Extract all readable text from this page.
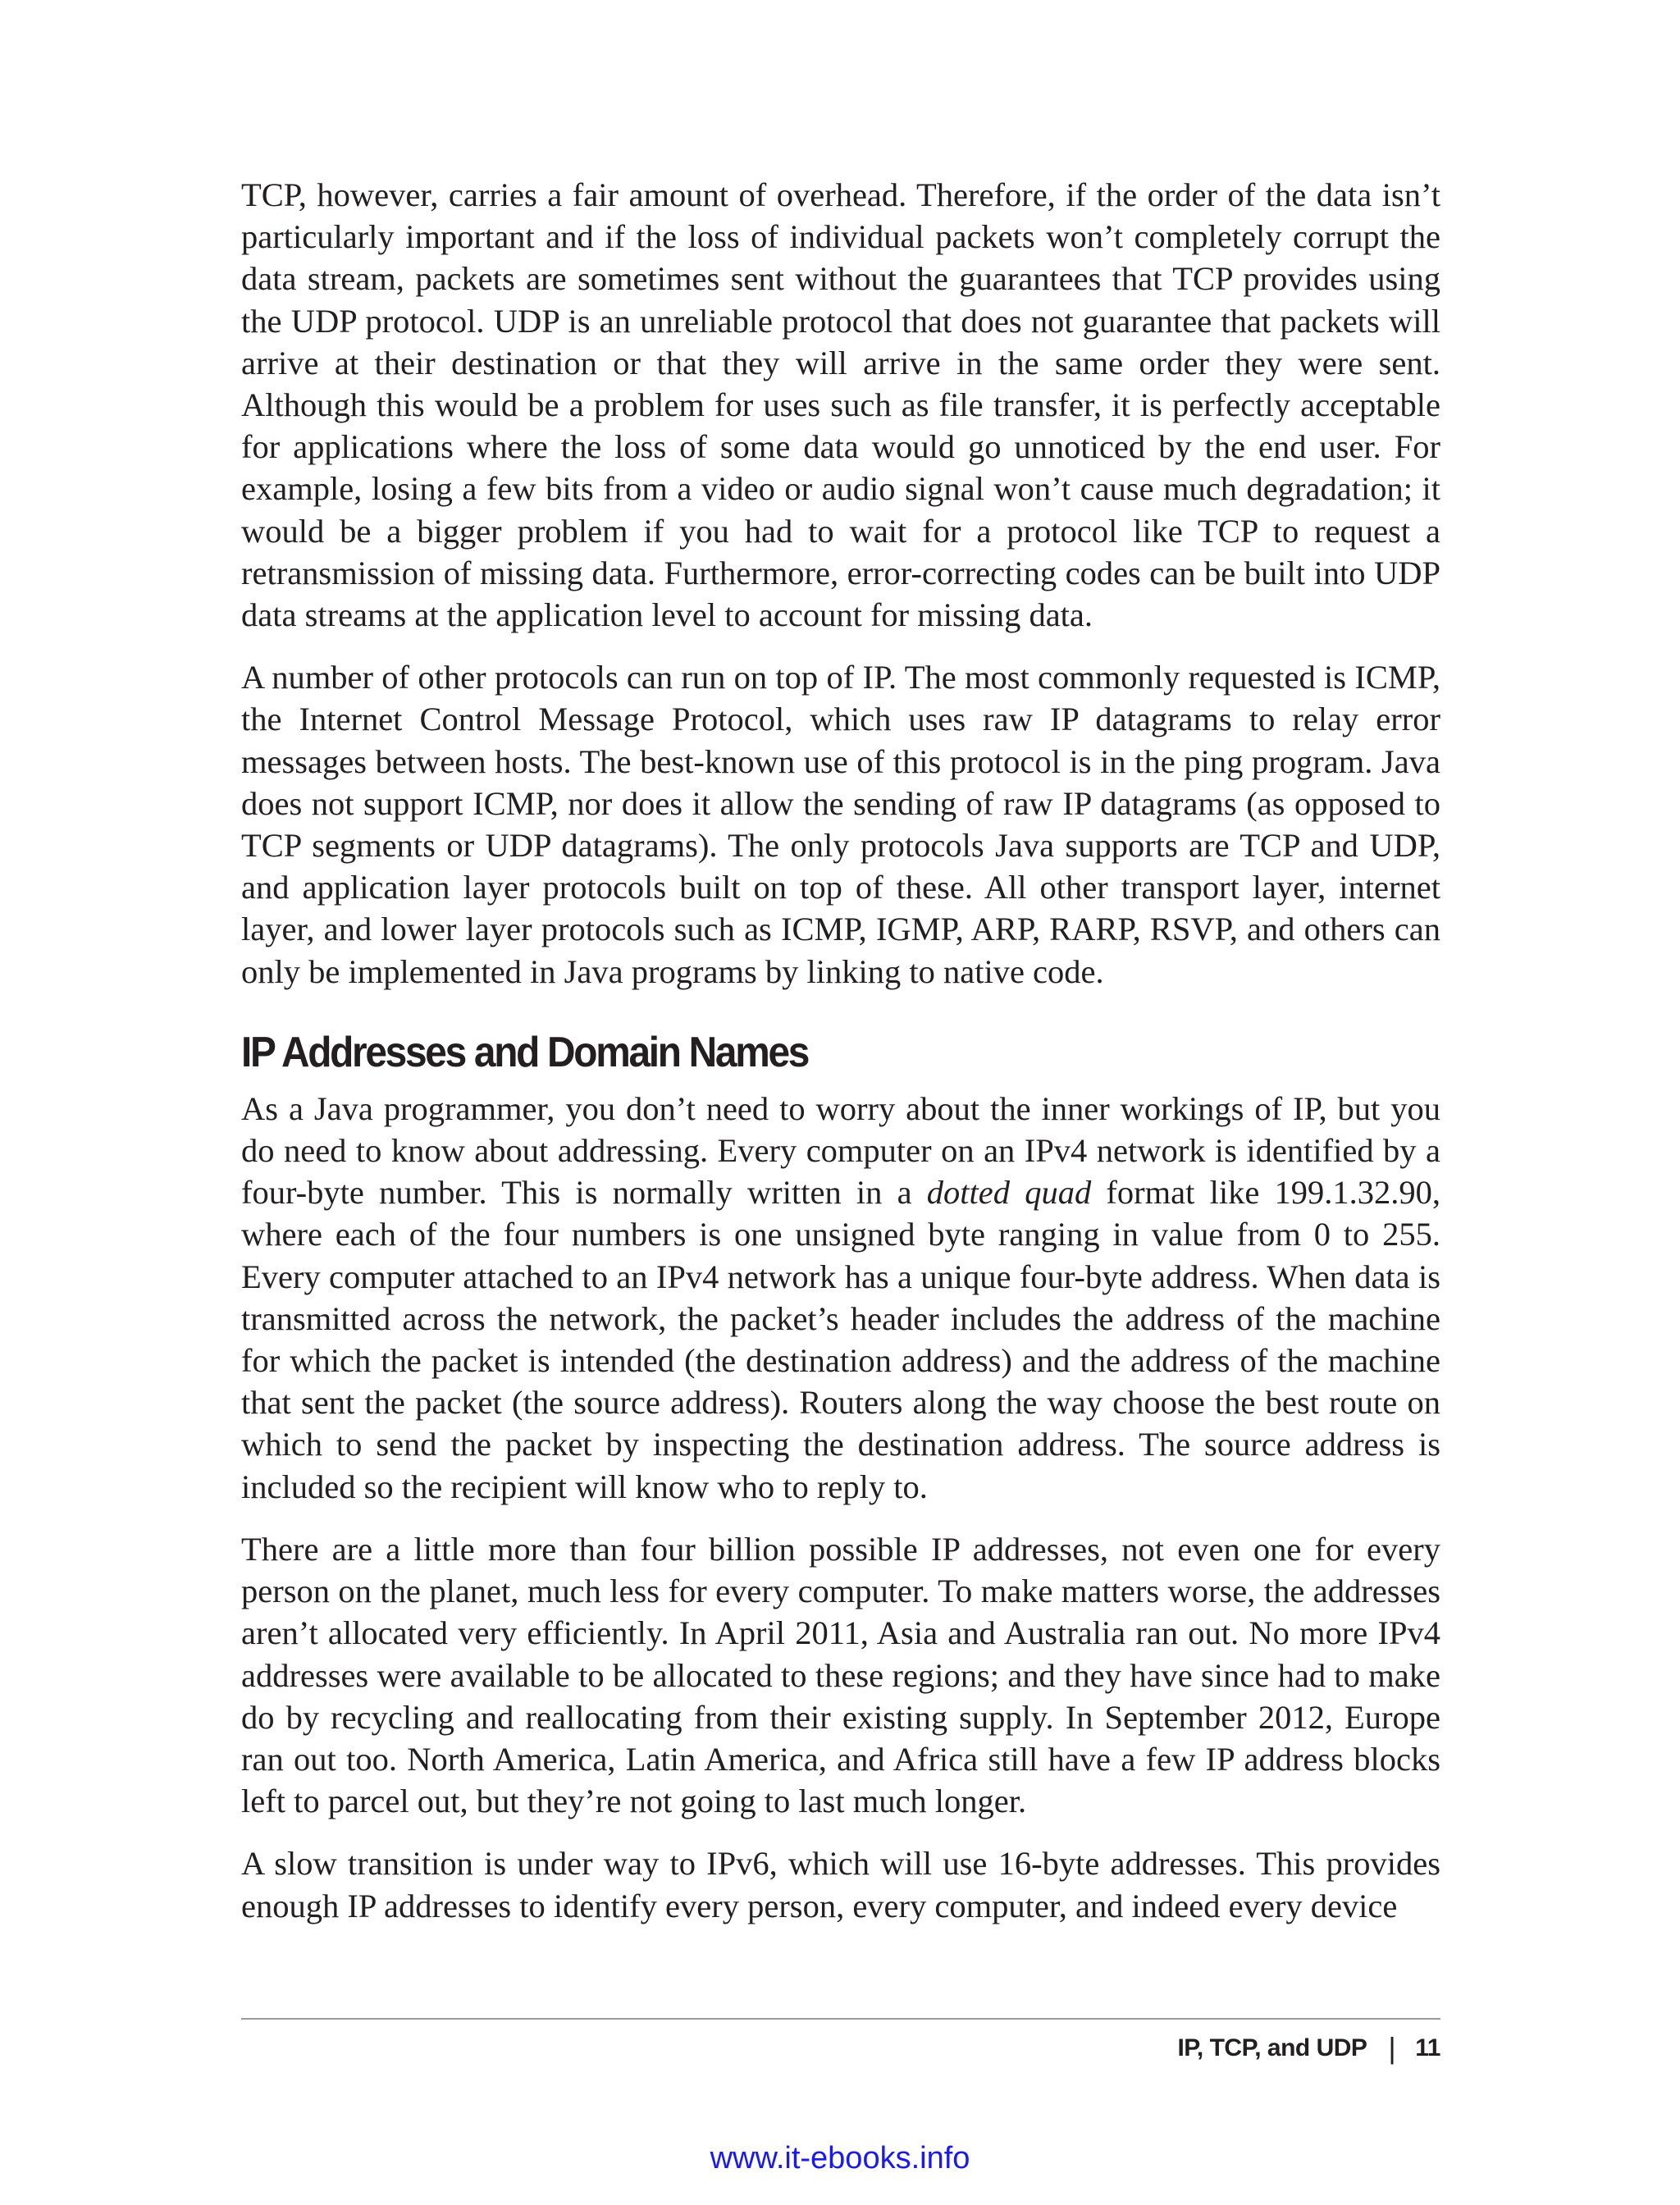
TCP, however, carries a fair amount of overhead. Therefore, if the order of the data isn’t particularly important and if the loss of individual packets won’t completely corrupt the data stream, packets are sometimes sent without the guarantees that TCP provides using the UDP protocol. UDP is an unreliable protocol that does not guarantee that packets will arrive at their destination or that they will arrive in the same order they were sent. Although this would be a problem for uses such as file transfer, it is perfectly acceptable for applications where the loss of some data would go unnoticed by the end user. For example, losing a few bits from a video or audio signal won’t cause much degradation; it would be a bigger problem if you had to wait for a protocol like TCP to request a retransmission of missing data. Furthermore, error-correcting codes can be built into UDP data streams at the application level to account for missing data.

A number of other protocols can run on top of IP. The most commonly requested is ICMP, the Internet Control Message Protocol, which uses raw IP datagrams to relay error messages between hosts. The best-known use of this protocol is in the ping program. Java does not support ICMP, nor does it allow the sending of raw IP datagrams (as opposed to TCP segments or UDP datagrams). The only protocols Java supports are TCP and UDP, and application layer protocols built on top of these. All other transport layer, internet layer, and lower layer protocols such as ICMP, IGMP, ARP, RARP, RSVP, and others can only be implemented in Java programs by linking to native code.

IP Addresses and Domain Names

As a Java programmer, you don’t need to worry about the inner workings of IP, but you do need to know about addressing. Every computer on an IPv4 network is identified by a four-byte number. This is normally written in a dotted quad format like 199.1.32.90, where each of the four numbers is one unsigned byte ranging in value from 0 to 255. Every computer attached to an IPv4 network has a unique four-byte address. When data is transmitted across the network, the packet’s header includes the address of the machine for which the packet is intended (the destination address) and the address of the machine that sent the packet (the source address). Routers along the way choose the best route on which to send the packet by inspecting the destination address. The source address is included so the recipient will know who to reply to.

There are a little more than four billion possible IP addresses, not even one for every person on the planet, much less for every computer. To make matters worse, the addresses aren’t allocated very efficiently. In April 2011, Asia and Australia ran out. No more IPv4 addresses were available to be allocated to these regions; and they have since had to make do by recycling and reallocating from their existing supply. In September 2012, Europe ran out too. North America, Latin America, and Africa still have a few IP address blocks left to parcel out, but they’re not going to last much longer.

A slow transition is under way to IPv6, which will use 16-byte addresses. This provides enough IP addresses to identify every person, every computer, and indeed every device

IP, TCP, and UDP | 11
www.it-ebooks.info
